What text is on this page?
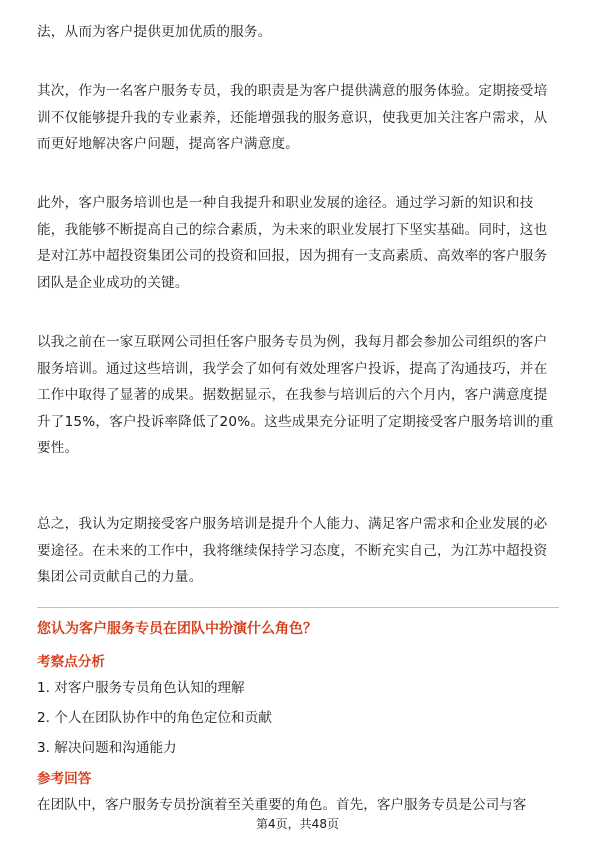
法，从而为客户提供更加优质的服务。

其次，作为一名客户服务专员，我的职责是为客户提供满意的服务体验。定期接受培训不仅能够提升我的专业素养，还能增强我的服务意识，使我更加关注客户需求，从而更好地解决客户问题，提高客户满意度。

此外，客户服务培训也是一种自我提升和职业发展的途径。通过学习新的知识和技能，我能够不断提高自己的综合素质，为未来的职业发展打下坚实基础。同时，这也是对江苏中超投资集团公司的投资和回报，因为拥有一支高素质、高效率的客户服务团队是企业成功的关键。

以我之前在一家互联网公司担任客户服务专员为例，我每月都会参加公司组织的客户服务培训。通过这些培训，我学会了如何有效处理客户投诉，提高了沟通技巧，并在工作中取得了显著的成果。据数据显示，在我参与培训后的六个月内，客户满意度提升了15%，客户投诉率降低了20%。这些成果充分证明了定期接受客户服务培训的重要性。

总之，我认为定期接受客户服务培训是提升个人能力、满足客户需求和企业发展的必要途径。在未来的工作中，我将继续保持学习态度，不断充实自己，为江苏中超投资集团公司贡献自己的力量。

您认为客户服务专员在团队中扮演什么角色？

考察点分析

1. 对客户服务专员角色认知的理解

2. 个人在团队协作中的角色定位和贡献

3. 解决问题和沟通能力

参考回答

在团队中，客户服务专员扮演着至关重要的角色。首先，客户服务专员是公司与客

第4页，共48页
